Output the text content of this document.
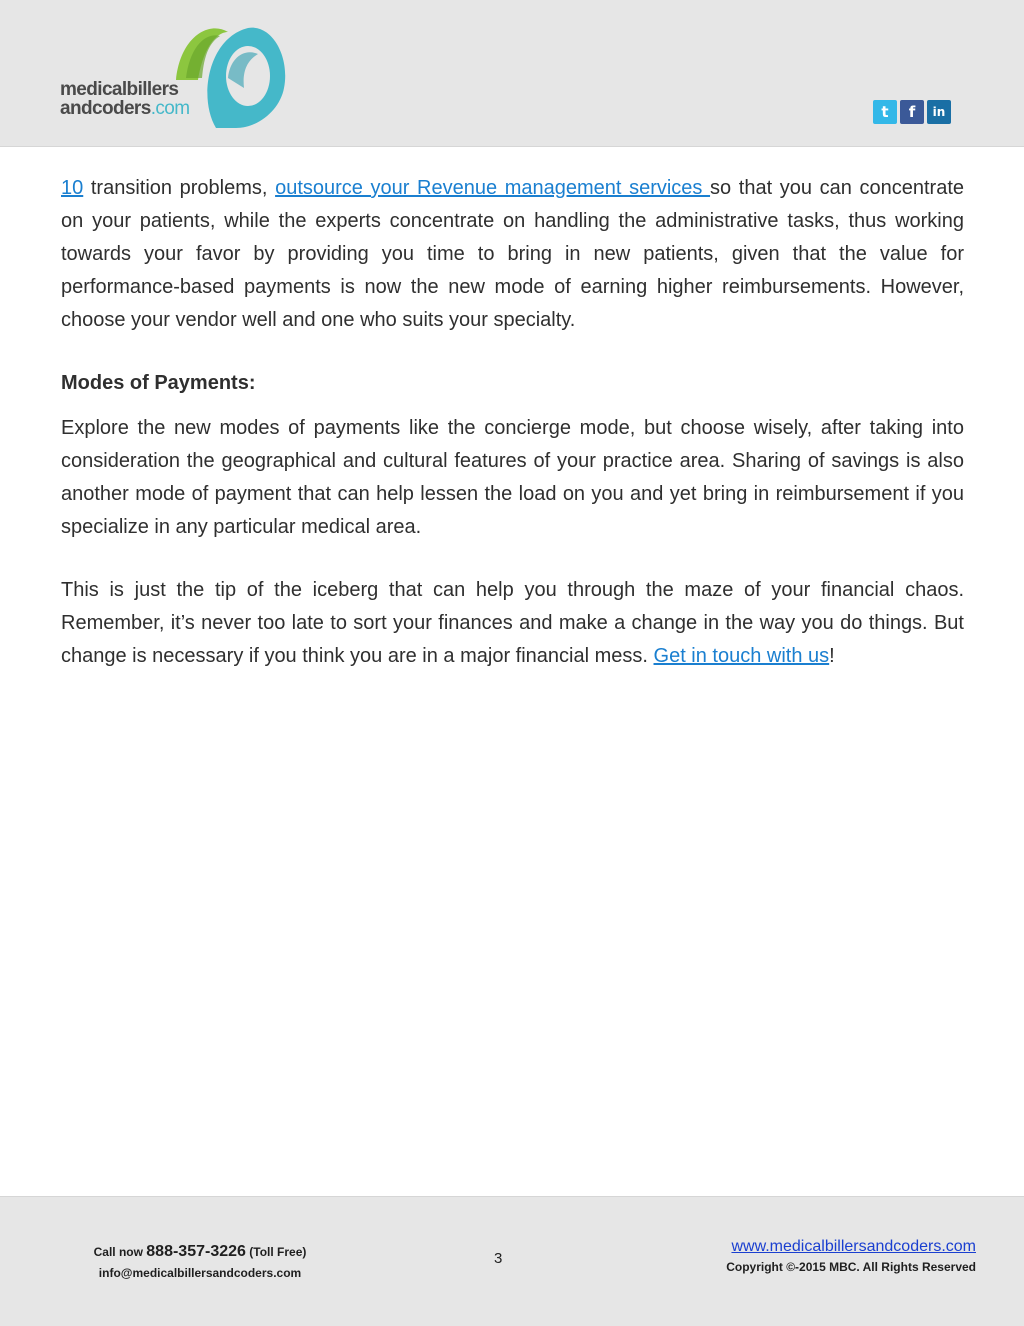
medicalbillers
andcoders.com	t	f	in

10 transition problems, outsource your Revenue management services so that you can concentrate on your patients, while the experts concentrate on handling the administrative tasks, thus working towards your favor by providing you time to bring in new patients, given that the value for performance-based payments is now the new mode of earning higher reimbursements. However, choose your vendor well and one who suits your specialty.

Modes of Payments:

Explore the new modes of payments like the concierge mode, but choose wisely, after taking into consideration the geographical and cultural features of your practice area. Sharing of savings is also another mode of payment that can help lessen the load on you and yet bring in reimbursement if you specialize in any particular medical area.

This is just the tip of the iceberg that can help you through the maze of your financial chaos. Remember, it’s never too late to sort your finances and make a change in the way you do things. But change is necessary if you think you are in a major financial mess. Get in touch with us!

Call now 888-357-3226 (Toll Free)
info@medicalbillersandcoders.com
3
www.medicalbillersandcoders.com
Copyright ©-2015 MBC. All Rights Reserved
